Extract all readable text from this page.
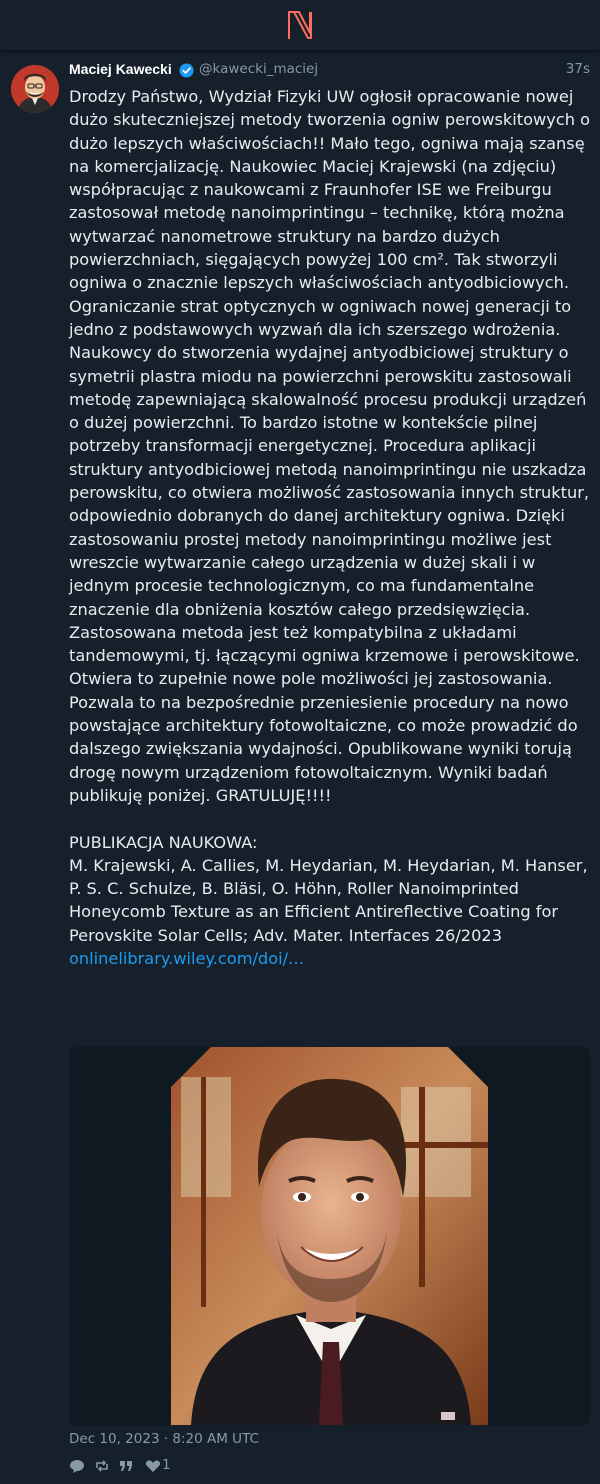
Maciej Kawecki @kawecki_maciej	37s

Drodzy Państwo, Wydział Fizyki UW ogłosił opracowanie nowej dużo skuteczniejszej metody tworzenia ogniw perowskitowych o dużo lepszych właściwościach!! Mało tego, ogniwa mają szansę na komercjalizację. Naukowiec Maciej Krajewski (na zdjęciu) współpracując z naukowcami z Fraunhofer ISE we Freiburgu zastosował metodę nanoimprintingu – technikę, którą można wytwarzać nanometrowe struktury na bardzo dużych powierzchniach, sięgających powyżej 100 cm². Tak stworzyli ogniwa o znacznie lepszych właściwościach antyodbiciowych. Ograniczanie strat optycznych w ogniwach nowej generacji to jedno z podstawowych wyzwań dla ich szerszego wdrożenia. Naukowcy do stworzenia wydajnej antyodbiciowej struktury o symetrii plastra miodu na powierzchni perowskitu zastosowali metodę zapewniającą skalowalność procesu produkcji urządzeń o dużej powierzchni. To bardzo istotne w kontekście pilnej potrzeby transformacji energetycznej. Procedura aplikacji struktury antyodbiciowej metodą nanoimprintingu nie uszkadza perowskitu, co otwiera możliwość zastosowania innych struktur, odpowiednio dobranych do danej architektury ogniwa. Dzięki zastosowaniu prostej metody nanoimprintingu możliwe jest wreszcie wytwarzanie całego urządzenia w dużej skali i w jednym procesie technologicznym, co ma fundamentalne znaczenie dla obniżenia kosztów całego przedsięwzięcia. Zastosowana metoda jest też kompatybilna z układami tandemowymi, tj. łączącymi ogniwa krzemowe i perowskitowe. Otwiera to zupełnie nowe pole możliwości jej zastosowania. Pozwala to na bezpośrednie przeniesienie procedury na nowo powstające architektury fotowoltaiczne, co może prowadzić do dalszego zwiększania wydajności. Opublikowane wyniki torują drogę nowym urządzeniom fotowoltaicznym. Wyniki badań publikuję poniżej. GRATULUJĘ!!!!

PUBLIKACJA NAUKOWA:

M. Krajewski, A. Callies, M. Heydarian, M. Heydarian, M. Hanser, P. S. C. Schulze, B. Bläsi, O. Höhn, Roller Nanoimprinted Honeycomb Texture as an Efficient Antireflective Coating for Perovskite Solar Cells; Adv. Mater. Interfaces 26/2023

onlinelibrary.wiley.com/doi/…

Dec 10, 2023 · 8:20 AM UTC
1
